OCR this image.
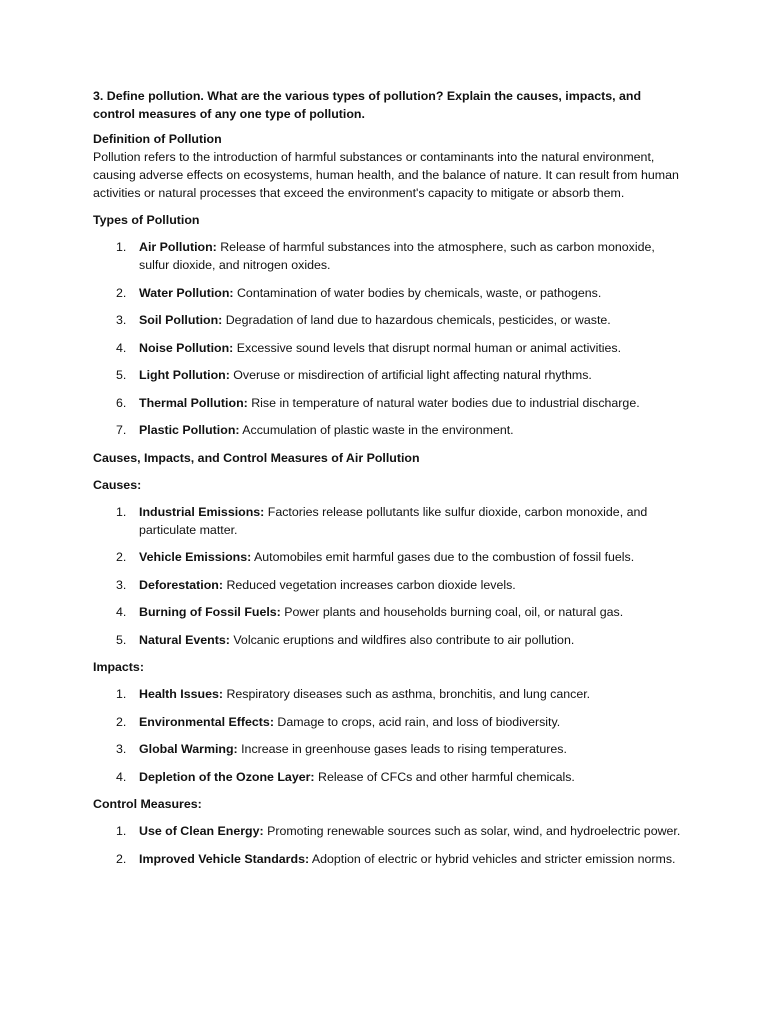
3. Define pollution. What are the various types of pollution? Explain the causes, impacts, and control measures of any one type of pollution.
Definition of Pollution
Pollution refers to the introduction of harmful substances or contaminants into the natural environment, causing adverse effects on ecosystems, human health, and the balance of nature. It can result from human activities or natural processes that exceed the environment's capacity to mitigate or absorb them.
Types of Pollution
1. Air Pollution: Release of harmful substances into the atmosphere, such as carbon monoxide, sulfur dioxide, and nitrogen oxides.
2. Water Pollution: Contamination of water bodies by chemicals, waste, or pathogens.
3. Soil Pollution: Degradation of land due to hazardous chemicals, pesticides, or waste.
4. Noise Pollution: Excessive sound levels that disrupt normal human or animal activities.
5. Light Pollution: Overuse or misdirection of artificial light affecting natural rhythms.
6. Thermal Pollution: Rise in temperature of natural water bodies due to industrial discharge.
7. Plastic Pollution: Accumulation of plastic waste in the environment.
Causes, Impacts, and Control Measures of Air Pollution
Causes:
1. Industrial Emissions: Factories release pollutants like sulfur dioxide, carbon monoxide, and particulate matter.
2. Vehicle Emissions: Automobiles emit harmful gases due to the combustion of fossil fuels.
3. Deforestation: Reduced vegetation increases carbon dioxide levels.
4. Burning of Fossil Fuels: Power plants and households burning coal, oil, or natural gas.
5. Natural Events: Volcanic eruptions and wildfires also contribute to air pollution.
Impacts:
1. Health Issues: Respiratory diseases such as asthma, bronchitis, and lung cancer.
2. Environmental Effects: Damage to crops, acid rain, and loss of biodiversity.
3. Global Warming: Increase in greenhouse gases leads to rising temperatures.
4. Depletion of the Ozone Layer: Release of CFCs and other harmful chemicals.
Control Measures:
1. Use of Clean Energy: Promoting renewable sources such as solar, wind, and hydroelectric power.
2. Improved Vehicle Standards: Adoption of electric or hybrid vehicles and stricter emission norms.
